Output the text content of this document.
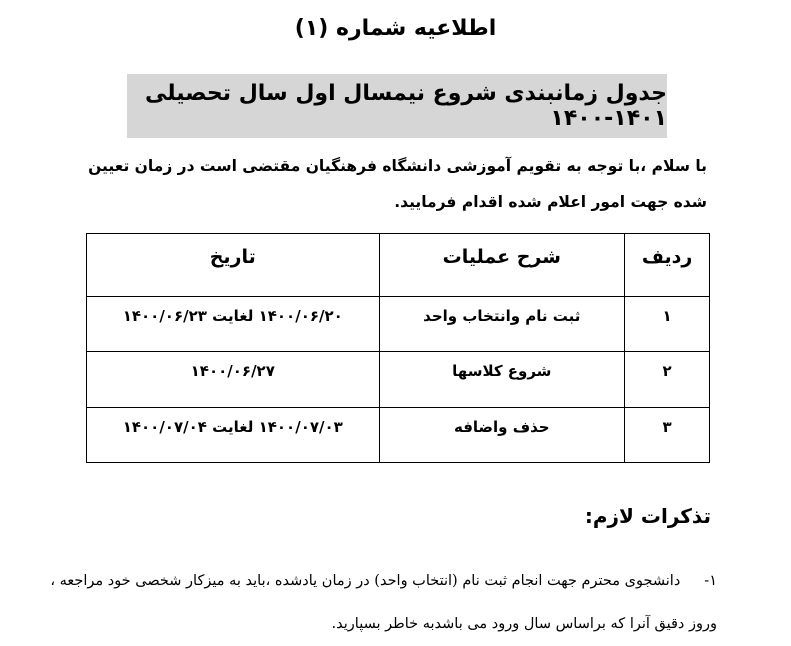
اطلاعیه شماره (۱)
جدول زمانبندی شروع نیمسال اول سال تحصیلی ۱۴۰۱-۱۴۰۰
با سلام ،با توجه به تقویم آموزشی دانشگاه فرهنگیان مقتضی است در زمان تعیین شده جهت امور اعلام شده اقدام فرمایید.
ردیف	شرح عملیات	تاریخ
۱	ثبت نام وانتخاب واحد	۱۴۰۰/۰۶/۲۰ لغایت ۱۴۰۰/۰۶/۲۳
۲	شروع کلاسها	۱۴۰۰/۰۶/۲۷
۳	حذف واضافه	۱۴۰۰/۰۷/۰۳ لغایت ۱۴۰۰/۰۷/۰۴
تذکرات لازم:
۱-دانشجوی محترم جهت انجام ثبت نام (انتخاب واحد) در زمان یادشده ،باید به میزکار شخصی خود مراجعه ، وروز دقیق آنرا که براساس سال ورود می باشدبه خاطر بسپارید.
